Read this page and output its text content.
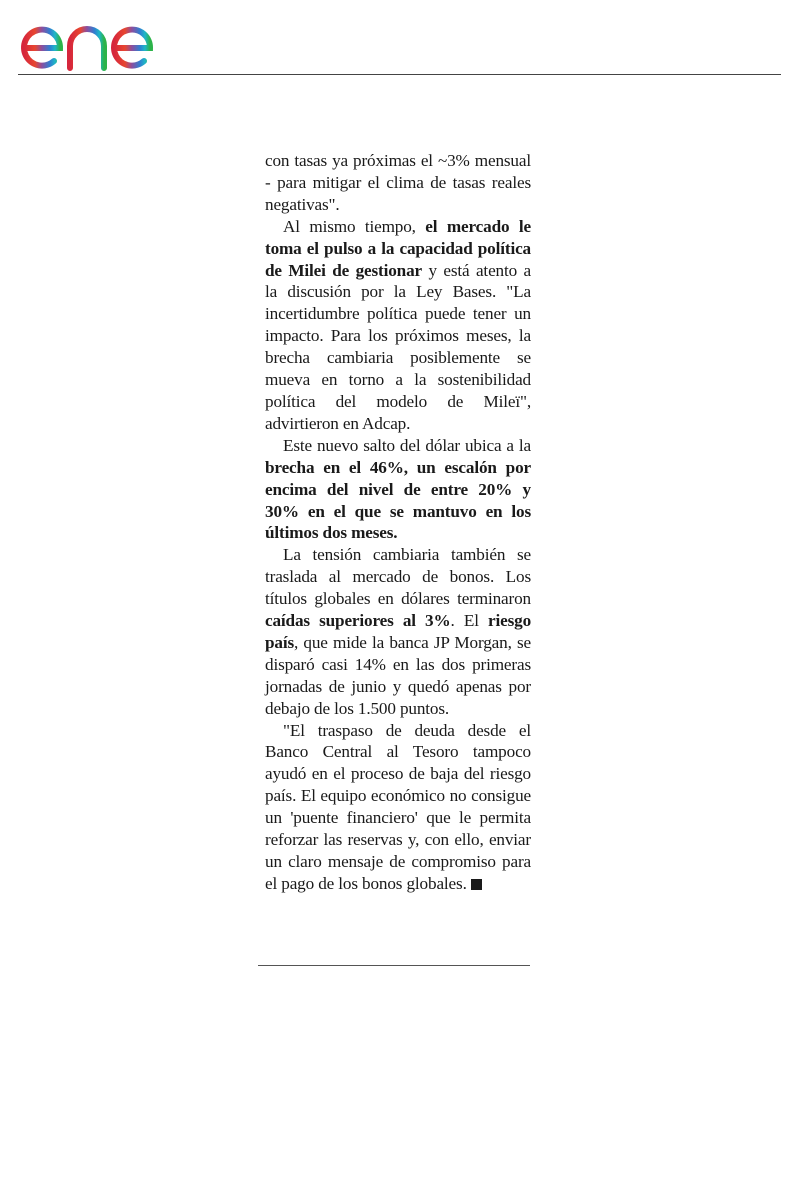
con tasas ya próximas el ~3% mensual - para mitigar el clima de tasas reales negativas".

Al mismo tiempo, el mercado le toma el pulso a la capacidad política de Milei de gestionar y está atento a la discusión por la Ley Bases. "La incertidumbre política puede tener un impacto. Para los próximos meses, la brecha cambiaria posiblemente se mueva en torno a la sostenibilidad política del modelo de Mileï", advirtieron en Adcap.

Este nuevo salto del dólar ubica a la brecha en el 46%, un escalón por encima del nivel de entre 20% y 30% en el que se mantuvo en los últimos dos meses.

La tensión cambiaria también se traslada al mercado de bonos. Los títulos globales en dólares terminaron caídas superiores al 3%. El riesgo país, que mide la banca JP Morgan, se disparó casi 14% en las dos primeras jornadas de junio y quedó apenas por debajo de los 1.500 puntos.

"El traspaso de deuda desde el Banco Central al Tesoro tampoco ayudó en el proceso de baja del riesgo país. El equipo económico no consigue un 'puente financiero' que le permita reforzar las reservas y, con ello, enviar un claro mensaje de compromiso para el pago de los bonos globales.
